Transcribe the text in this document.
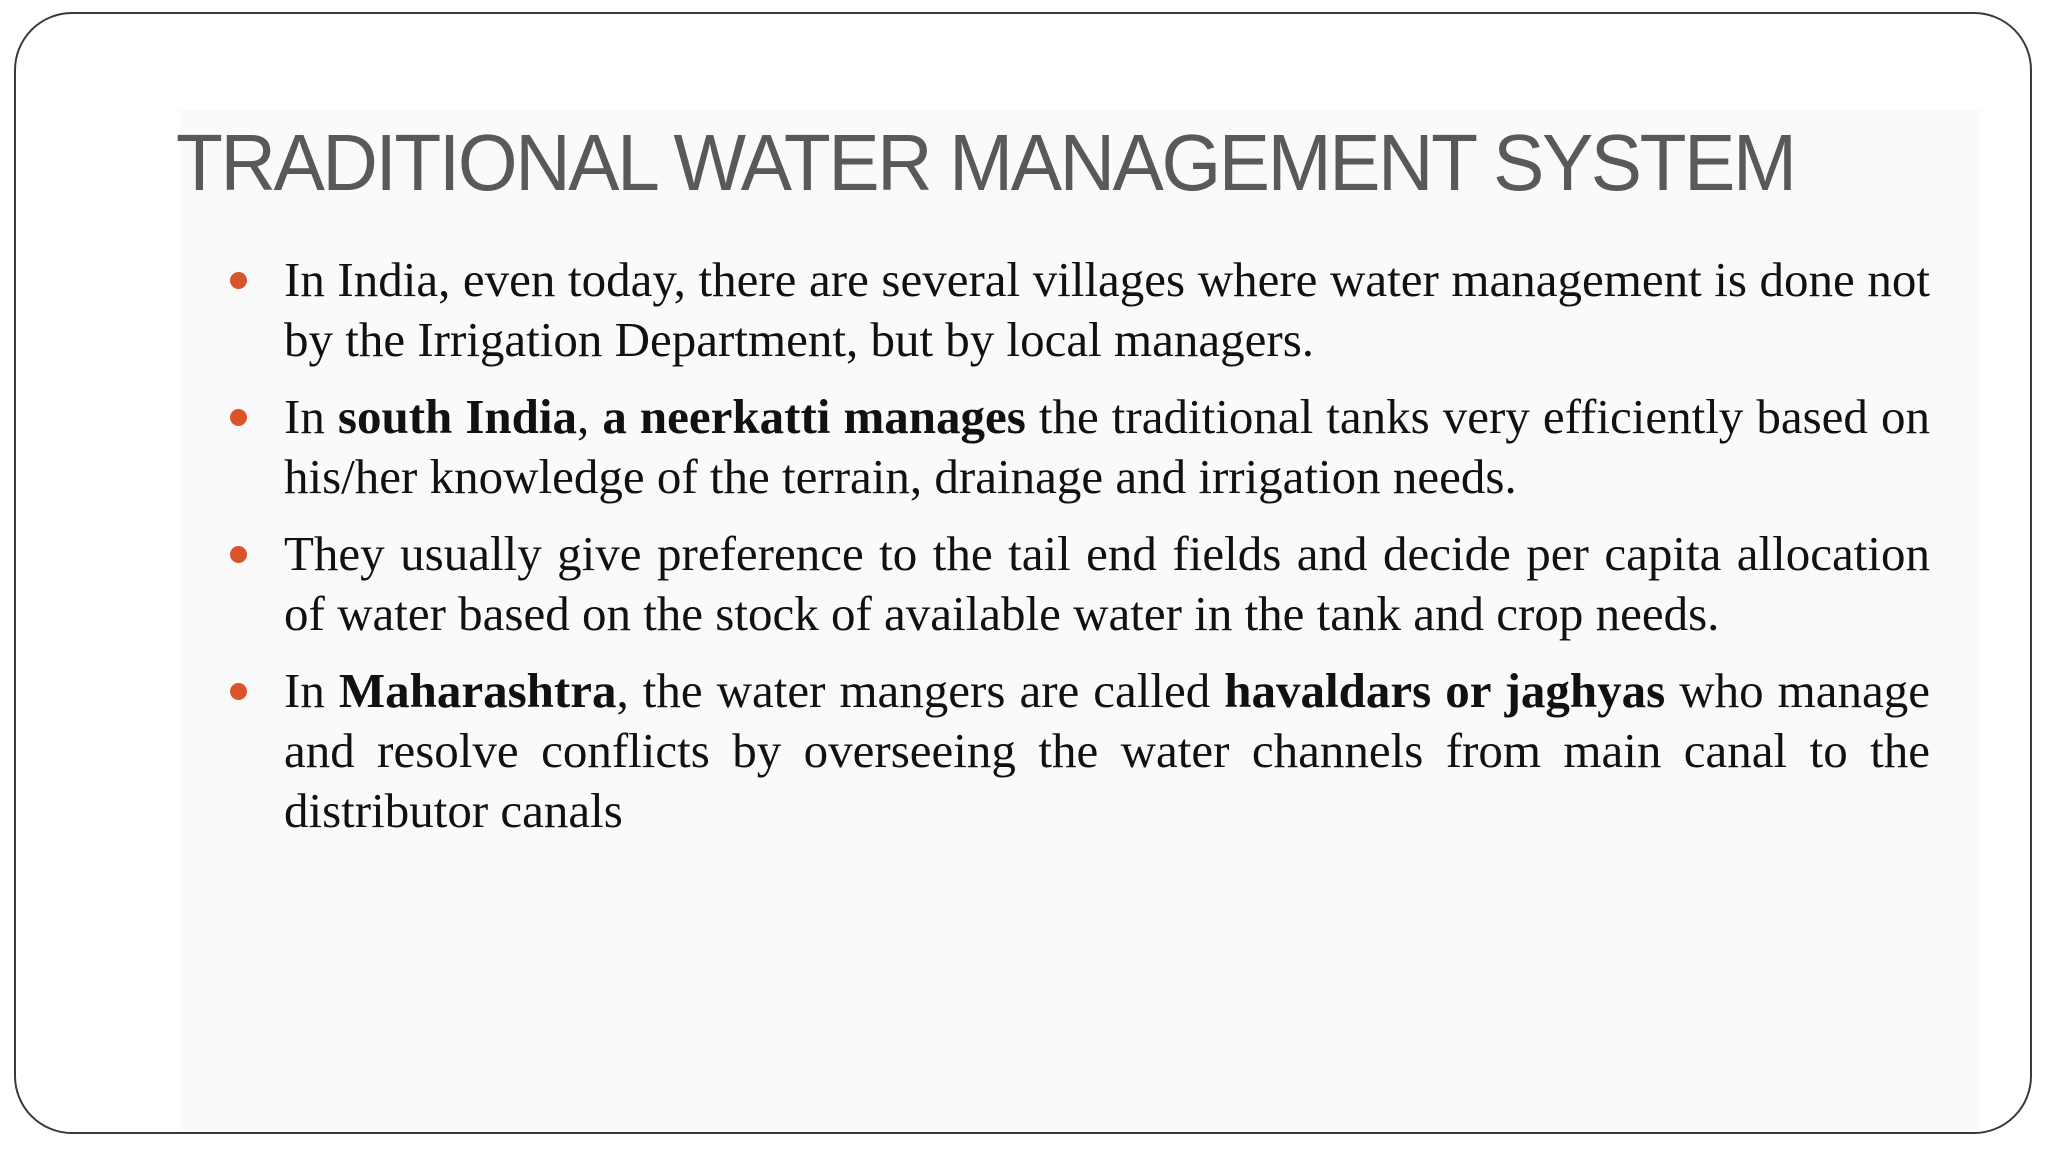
TRADITIONAL WATER MANAGEMENT SYSTEM
In India, even today, there are several villages where water management is done not by the Irrigation Department, but by local managers.
In south India, a neerkatti manages the traditional tanks very efficiently based on his/her knowledge of the terrain, drainage and irrigation needs.
They usually give preference to the tail end fields and decide per capita allocation of water based on the stock of available water in the tank and crop needs.
In Maharashtra, the water mangers are called havaldars or jaghyas who manage and resolve conflicts by overseeing the water channels from main canal to the distributor canals
